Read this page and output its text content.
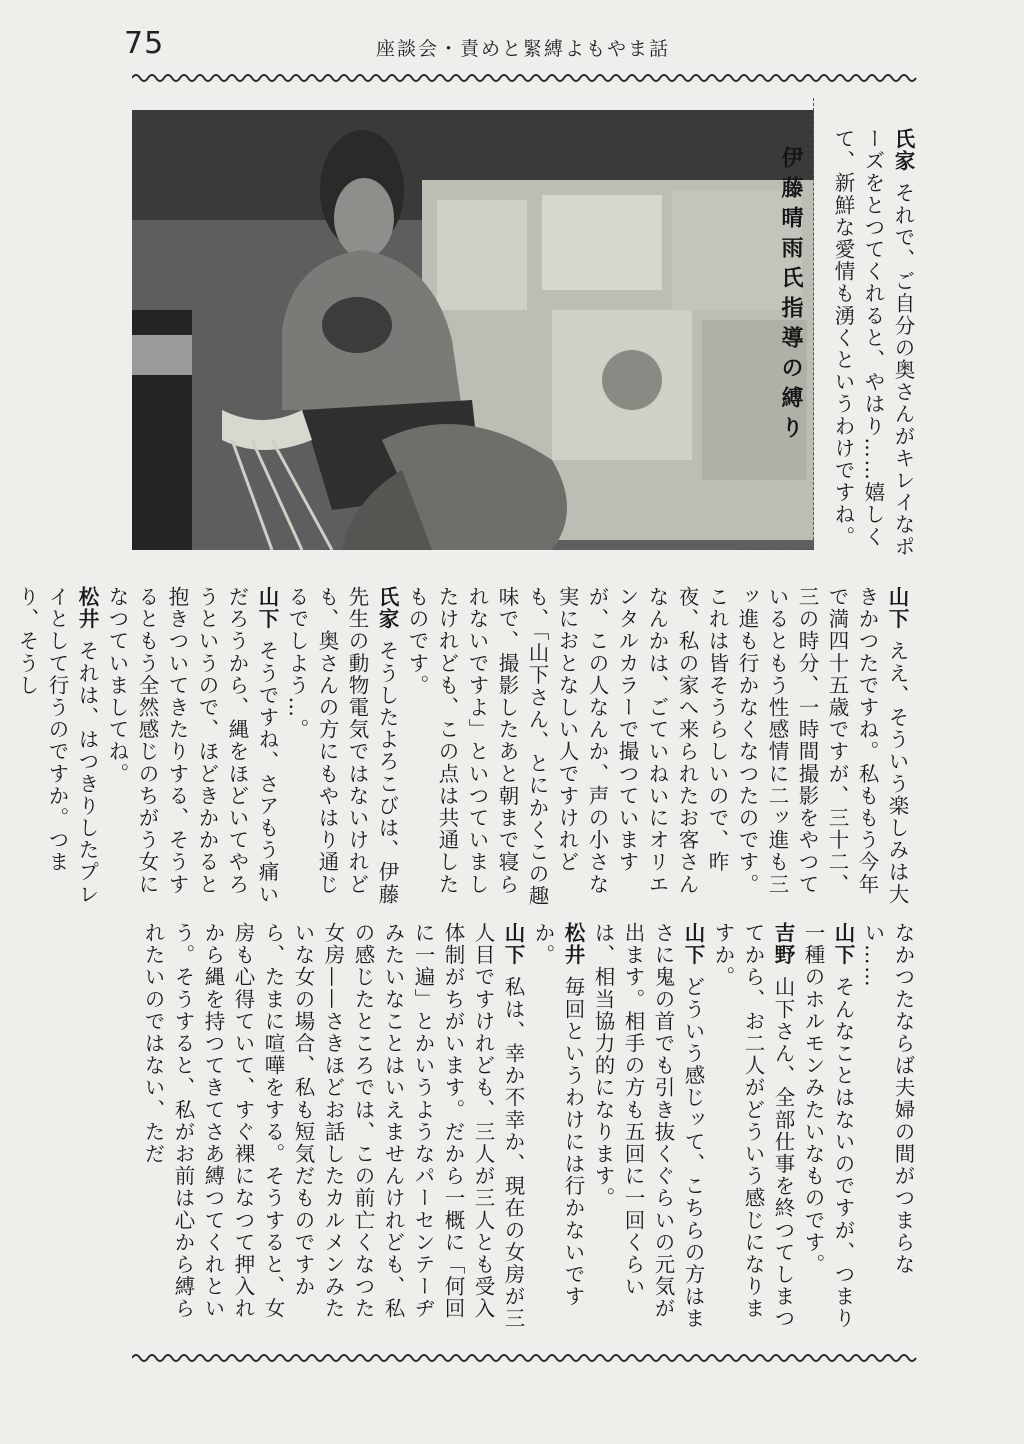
75	座談会・責めと緊縛よもやま話
伊藤晴雨氏指導の縛り	氏家それで、ご自分の奥さんがキレイなポーズをとつてくれると、やはり……嬉しくて、新鮮な愛情も湧くというわけですね。

山下ええ、そういう楽しみは大きかつたですね。私ももう今年で満四十五歳ですが、三十二、三の時分、一時間撮影をやつているともう性感情に二ッ進も三ッ進も行かなくなつたのです。これは皆そうらしいので、昨夜、私の家へ来られたお客さんなんかは、ごていねいにオリエンタルカラーで撮つていますが、この人なんか、声の小さな実におとなしい人ですけれども、「山下さん、とにかくこの趣味で、撮影したあと朝まで寝られないですよ」といつていましたけれども、この点は共通したものです。

氏家そうしたよろこびは、伊藤先生の動物電気ではないけれども、奥さんの方にもやはり通じるでしよう…。

山下そうですね、さアもう痛いだろうから、縄をほどいてやろうというので、ほどきかかると抱きついてきたりする、そうするともう全然感じのちがう女になつていましてね。

松井それは、はつきりしたプレイとして行うのですか。つまり、そうし

なかつたならば夫婦の間がつまらない……

山下そんなことはないのですが、つまり一種のホルモンみたいなものです。

吉野山下さん、全部仕事を終つてしまつてから、お二人がどういう感じになりますか。

山下どういう感じッて、こちらの方はまさに鬼の首でも引き抜くぐらいの元気が出ます。相手の方も五回に一回くらいは、相当協力的になります。

松井毎回というわけには行かないですか。

山下私は、幸か不幸か、現在の女房が三人目ですけれども、三人が三人とも受入体制がちがいます。だから一概に「何回に一遍」とかいうようなパーセンテーヂみたいなことはいえませんけれども、私の感じたところでは、この前亡くなつた女房——さきほどお話したカルメンみたいな女の場合、私も短気だものですから、たまに喧嘩をする。そうすると、女房も心得ていて、すぐ裸になつて押入れから縄を持つてきてさあ縛つてくれという。そうすると、私がお前は心から縛られたいのではない、ただ
